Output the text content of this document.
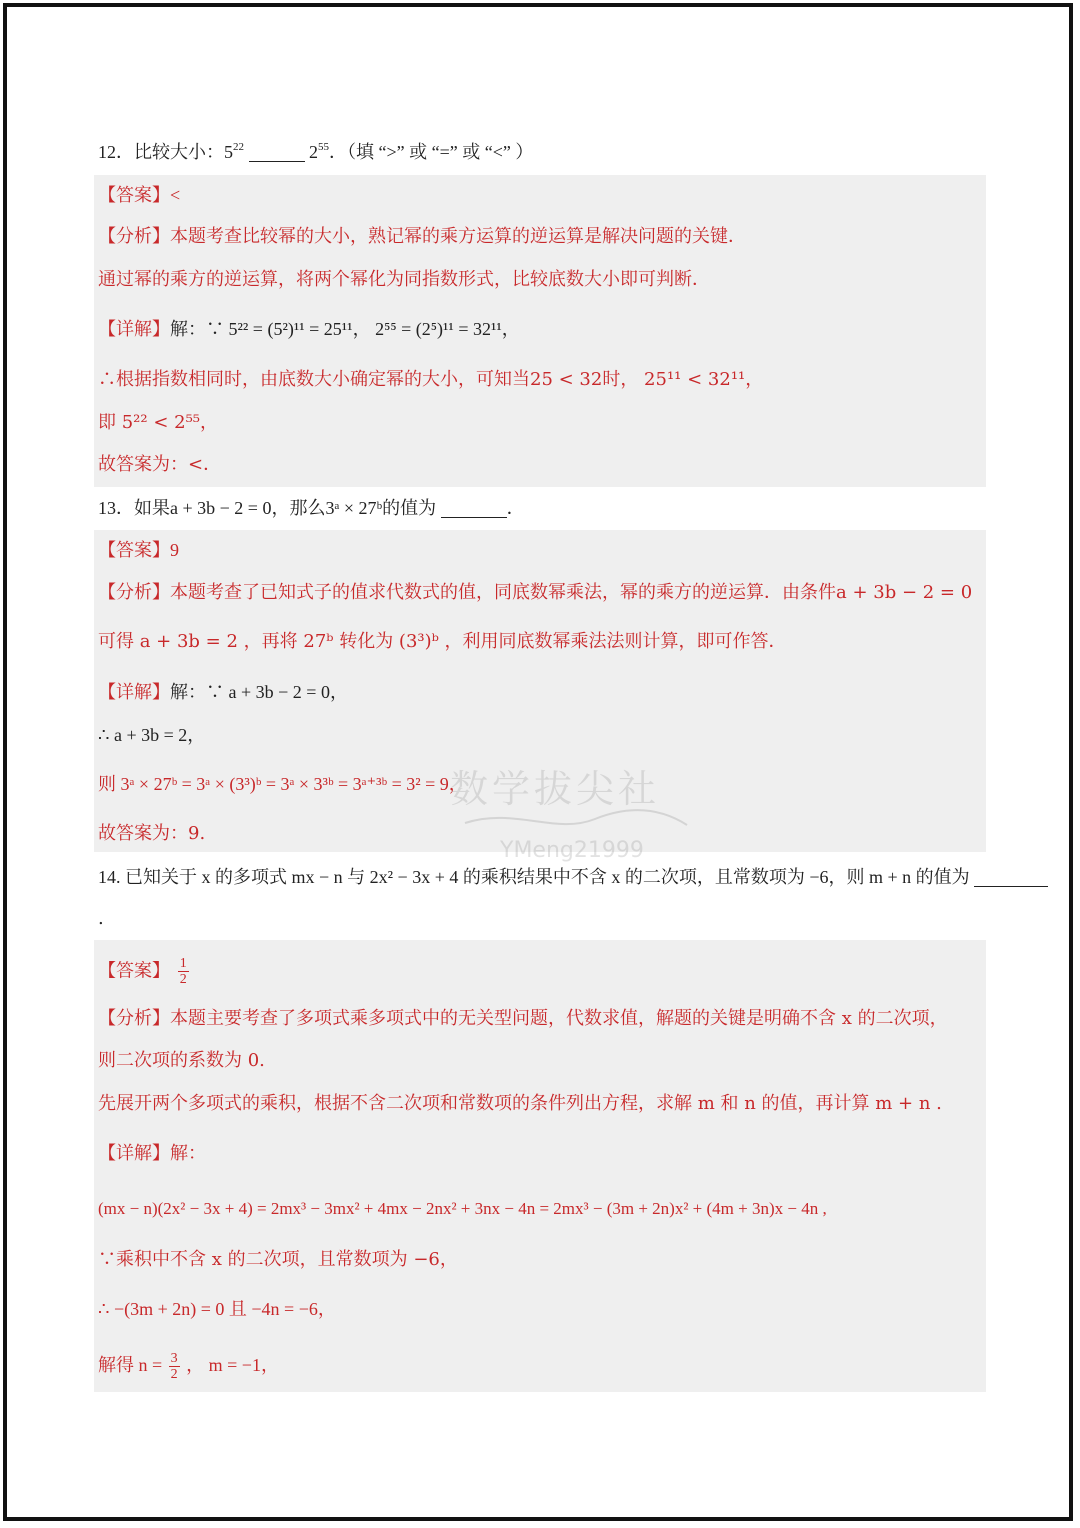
12．比较大小：$5^{22}$	$2^{55}$．（填 “>” 或 “=” 或 “<” ）
【答案】<
【分析】本题考查比较幂的大小，熟记幂的乘方运算的逆运算是解决问题的关键．
通过幂的乘方的逆运算，将两个幂化为同指数形式，比较底数大小即可判断．
【详解】解：∵ 5²² = (5²)¹¹ = 25¹¹， 2⁵⁵ = (2⁵)¹¹ = 32¹¹，
∴根据指数相同时，由底数大小确定幂的大小，可知当25 < 32时， 25¹¹ < 32¹¹，
即 5²² < 2⁵⁵，
故答案为：<．
13．如果a + 3b − 2 = 0，那么3ᵃ × 27ᵇ的值为	．
【答案】9
【分析】本题考查了已知式子的值求代数式的值，同底数幂乘法，幂的乘方的逆运算．由条件a + 3b − 2 = 0
可得 a + 3b = 2 ，再将 27ᵇ 转化为 (3³)ᵇ ，利用同底数幂乘法法则计算，即可作答．
【详解】解：∵ a + 3b − 2 = 0，
∴ a + 3b = 2，
则 3ᵃ × 27ᵇ = 3ᵃ × (3³)ᵇ = 3ᵃ × 3³ᵇ = 3ᵃ⁺³ᵇ = 3² = 9，
故答案为：9.
数学拔尖社
YMeng21999
14. 已知关于 x 的多项式 mx − n 与 2x² − 3x + 4 的乘积结果中不含 x 的二次项，且常数项为 −6，则 m + n 的值为
.
【答案】 $\frac{1}{2}$
【分析】本题主要考查了多项式乘多项式中的无关型问题，代数求值，解题的关键是明确不含 x 的二次项，
则二次项的系数为 0.
先展开两个多项式的乘积，根据不含二次项和常数项的条件列出方程，求解 m 和 n 的值，再计算 m + n .
【详解】解：
(mx − n)(2x² − 3x + 4) = 2mx³ − 3mx² + 4mx − 2nx² + 3nx − 4n = 2mx³ − (3m + 2n)x² + (4m + 3n)x − 4n ,
∵乘积中不含 x 的二次项，且常数项为 −6，
∴ −(3m + 2n) = 0 且 −4n = −6，
解得 $n = \frac{3}{2}$ ， m = −1，
